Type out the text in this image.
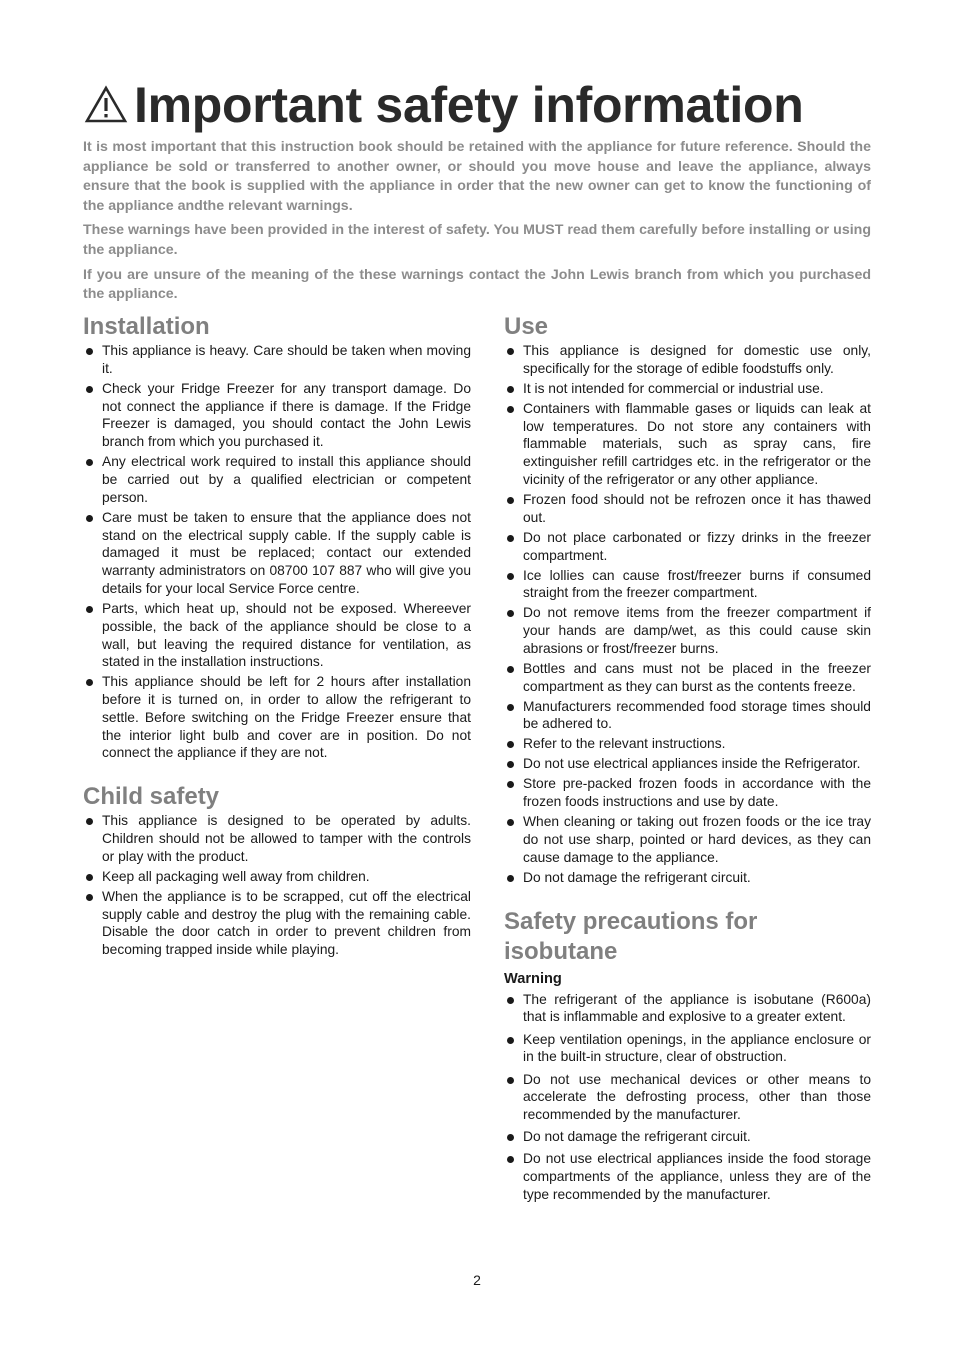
Important safety information

It is most important that this instruction book should be retained with the appliance for future reference. Should the appliance be sold or transferred to another owner, or should you move house and leave the appliance, always ensure that the book is supplied with the appliance in order that the new owner can get to know the functioning of the appliance andthe relevant warnings.

These warnings have been provided in the interest of safety. You MUST read them carefully before installing or using the appliance.

If you are unsure of the meaning of the these warnings contact the John Lewis branch from which you purchased the appliance.

Installation
This appliance is heavy. Care should be taken when moving it.
Check your Fridge Freezer for any transport damage. Do not connect the appliance if there is damage. If the Fridge Freezer is damaged, you should contact the John Lewis branch from which you purchased it.
Any electrical work required to install this appliance should be carried out by a qualified electrician or competent person.
Care must be taken to ensure that the appliance does not stand on the electrical supply cable. If the supply cable is damaged it must be replaced; contact our extended warranty administrators on 08700 107 887 who will give you details for your local Service Force centre.
Parts, which heat up, should not be exposed. Whereever possible, the back of the appliance should be close to a wall, but leaving the required distance for ventilation, as stated in the installation instructions.
This appliance should be left for 2 hours after installation before it is turned on, in order to allow the refrigerant to settle. Before switching on the Fridge Freezer ensure that the interior light bulb and cover are in position. Do not connect the appliance if they are not.
Child safety
This appliance is designed to be operated by adults. Children should not be allowed to tamper with the controls or play with the product.
Keep all packaging well away from children.
When the appliance is to be scrapped, cut off the electrical supply cable and destroy the plug with the remaining cable. Disable the door catch in order to prevent children from becoming trapped inside while playing.
Use
This appliance is designed for domestic use only, specifically for the storage of edible foodstuffs only.
It is not intended for commercial or industrial use.
Containers with flammable gases or liquids can leak at low temperatures. Do not store any containers with flammable materials, such as spray cans, fire extinguisher refill cartridges etc. in the refrigerator or the vicinity of the refrigerator or any other appliance.
Frozen food should not be refrozen once it has thawed out.
Do not place carbonated or fizzy drinks in the freezer compartment.
Ice lollies can cause frost/freezer burns if consumed straight from the freezer compartment.
Do not remove items from the freezer compartment if your hands are damp/wet, as this could cause skin abrasions or frost/freezer burns.
Bottles and cans must not be placed in the freezer compartment as they can burst as the contents freeze.
Manufacturers recommended food storage times should be adhered to.
Refer to the relevant instructions.
Do not use electrical appliances inside the Refrigerator.
Store pre-packed frozen foods in accordance with the frozen foods instructions and use by date.
When cleaning or taking out frozen foods or the ice tray do not use sharp, pointed or hard devices, as they can cause damage to the appliance.
Do not damage the refrigerant circuit.
Safety precautions for isobutane
Warning
The refrigerant of the appliance is isobutane (R600a) that is inflammable and explosive to a greater extent.
Keep ventilation openings, in the appliance enclosure or in the built-in structure, clear of obstruction.
Do not use mechanical devices or other means to accelerate the defrosting process, other than those recommended by the manufacturer.
Do not damage the refrigerant circuit.
Do not use electrical appliances inside the food storage compartments of the appliance, unless they are of the type recommended by the manufacturer.
2
